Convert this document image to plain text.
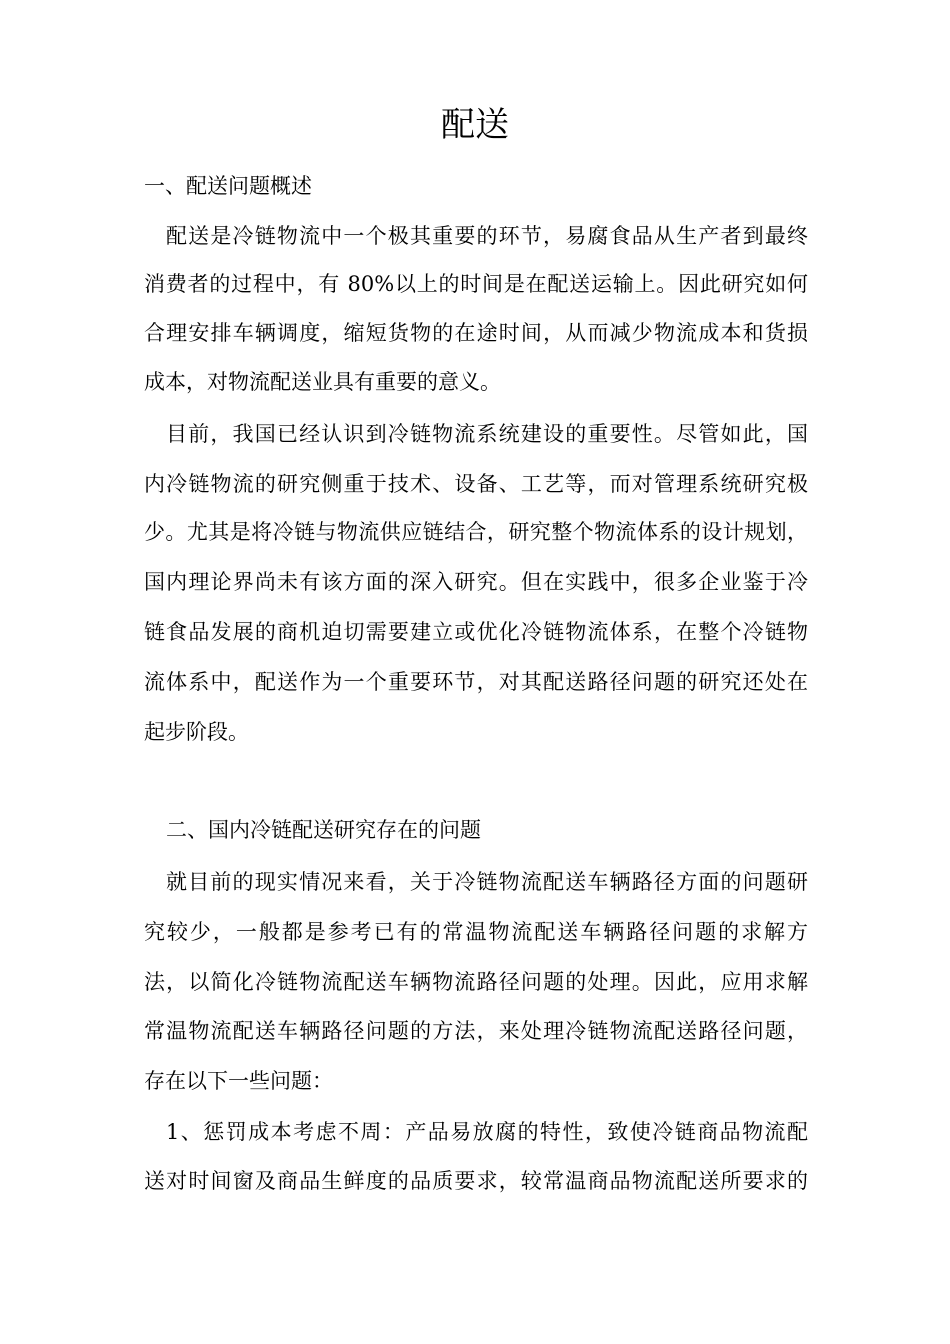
配送

一、配送问题概述

配送是冷链物流中一个极其重要的环节，易腐食品从生产者到最终

消费者的过程中，有 80%以上的时间是在配送运输上。因此研究如何

合理安排车辆调度，缩短货物的在途时间，从而减少物流成本和货损

成本，对物流配送业具有重要的意义。

目前，我国已经认识到冷链物流系统建设的重要性。尽管如此，国

内冷链物流的研究侧重于技术、设备、工艺等，而对管理系统研究极

少。尤其是将冷链与物流供应链结合，研究整个物流体系的设计规划，

国内理论界尚未有该方面的深入研究。但在实践中，很多企业鉴于冷

链食品发展的商机迫切需要建立或优化冷链物流体系，在整个冷链物

流体系中，配送作为一个重要环节，对其配送路径问题的研究还处在

起步阶段。

二、国内冷链配送研究存在的问题

就目前的现实情况来看，关于冷链物流配送车辆路径方面的问题研

究较少，一般都是参考已有的常温物流配送车辆路径问题的求解方

法，以简化冷链物流配送车辆物流路径问题的处理。因此，应用求解

常温物流配送车辆路径问题的方法，来处理冷链物流配送路径问题，

存在以下一些问题：

1、惩罚成本考虑不周：产品易放腐的特性，致使冷链商品物流配

送对时间窗及商品生鲜度的品质要求，较常温商品物流配送所要求的
